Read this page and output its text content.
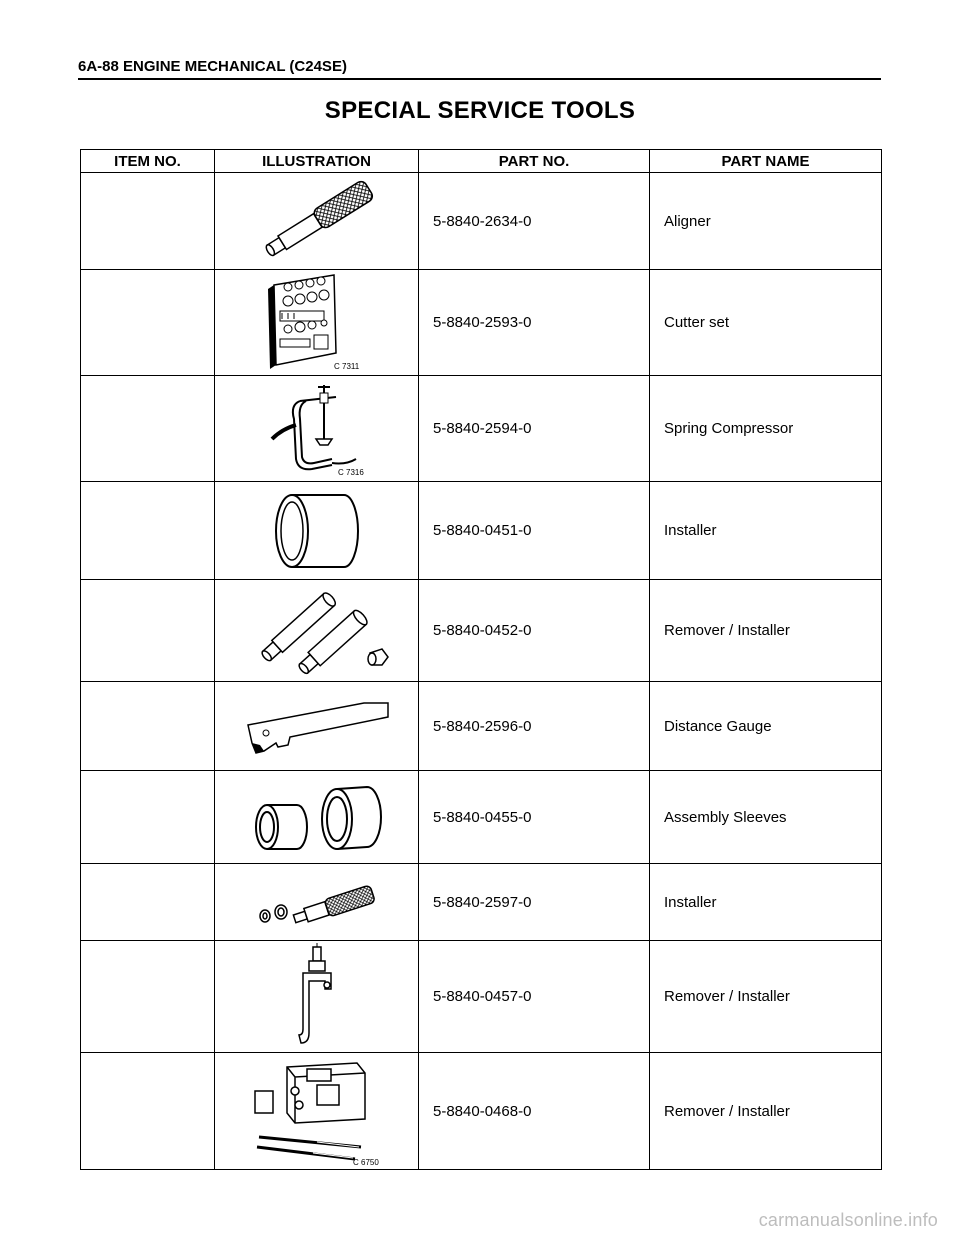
6A-88 ENGINE MECHANICAL (C24SE)
SPECIAL SERVICE TOOLS
ITEM NO.	ILLUSTRATION	PART NO.	PART NAME

	5-8840-2634-0	Aligner

C 7311	5-8840-2593-0	Cutter set

C 7316	5-8840-2594-0	Spring Compressor

	5-8840-0451-0	Installer

	5-8840-0452-0	Remover / Installer

	5-8840-2596-0	Distance Gauge

	5-8840-0455-0	Assembly Sleeves

	5-8840-2597-0	Installer

	5-8840-0457-0	Remover / Installer

C 6750	5-8840-0468-0	Remover / Installer
carmanualsonline.info
